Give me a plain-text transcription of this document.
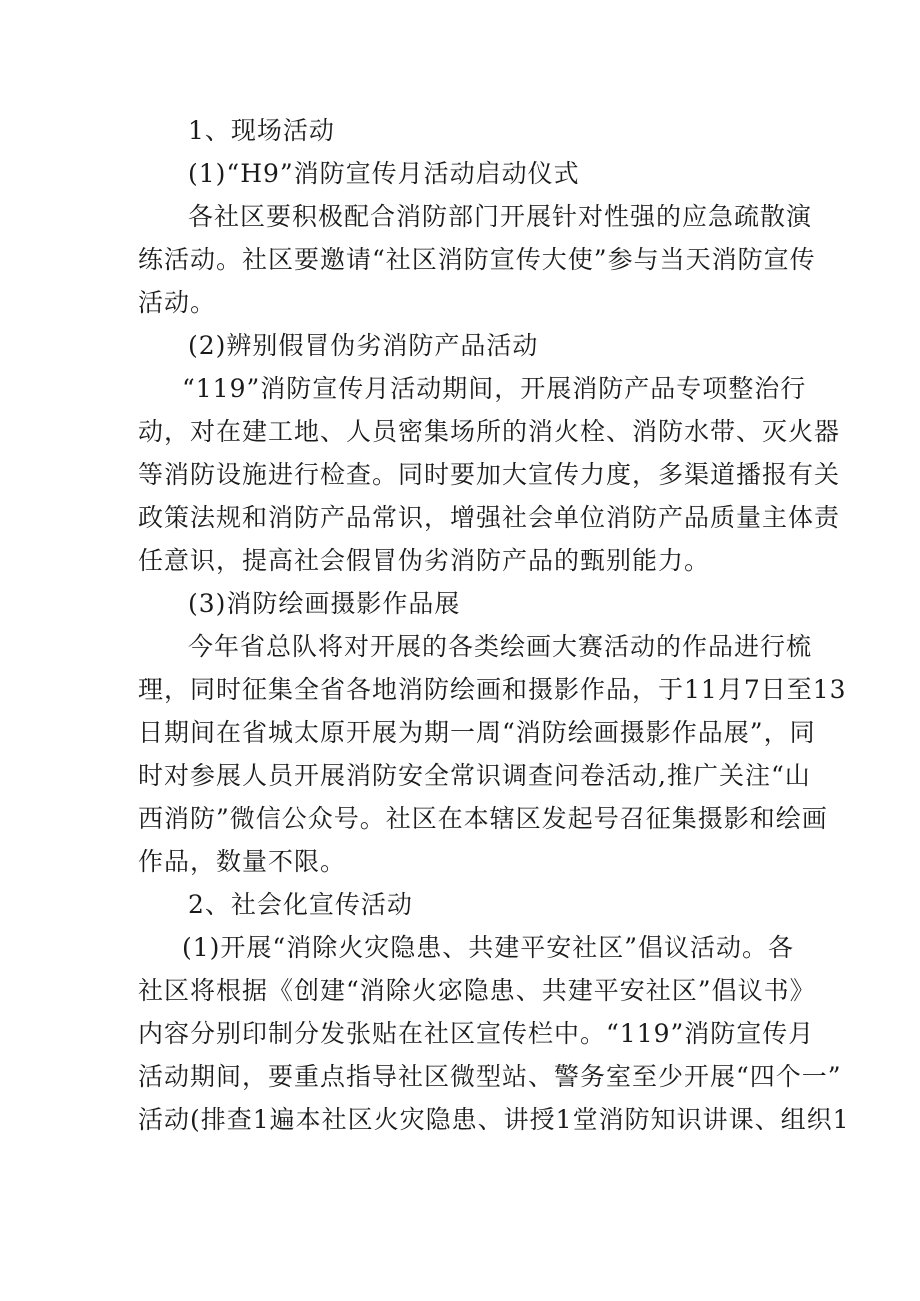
1、现场活动
(1)“H9”消防宣传月活动启动仪式
各社区要积极配合消防部门开展针对性强的应急疏散演
练活动。社区要邀请“社区消防宣传大使”参与当天消防宣传
活动。
(2)辨别假冒伪劣消防产品活动
“119”消防宣传月活动期间，开展消防产品专项整治行
动，对在建工地、人员密集场所的消火栓、消防水带、灭火器
等消防设施进行检查。同时要加大宣传力度，多渠道播报有关
政策法规和消防产品常识，增强社会单位消防产品质量主体责
任意识，提高社会假冒伪劣消防产品的甄别能力。
(3)消防绘画摄影作品展
今年省总队将对开展的各类绘画大赛活动的作品进行梳
理，同时征集全省各地消防绘画和摄影作品，于11月7日至13
日期间在省城太原开展为期一周“消防绘画摄影作品展”，同
时对参展人员开展消防安全常识调查问卷活动,推广关注“山
西消防”微信公众号。社区在本辖区发起号召征集摄影和绘画
作品，数量不限。
2、社会化宣传活动
(1)开展“消除火灾隐患、共建平安社区”倡议活动。各
社区将根据《创建“消除火宓隐患、共建平安社区”倡议书》
内容分别印制分发张贴在社区宣传栏中。“119”消防宣传月
活动期间，要重点指导社区微型站、警务室至少开展“四个一”
活动(排查1遍本社区火灾隐患、讲授1堂消防知识讲课、组织1
